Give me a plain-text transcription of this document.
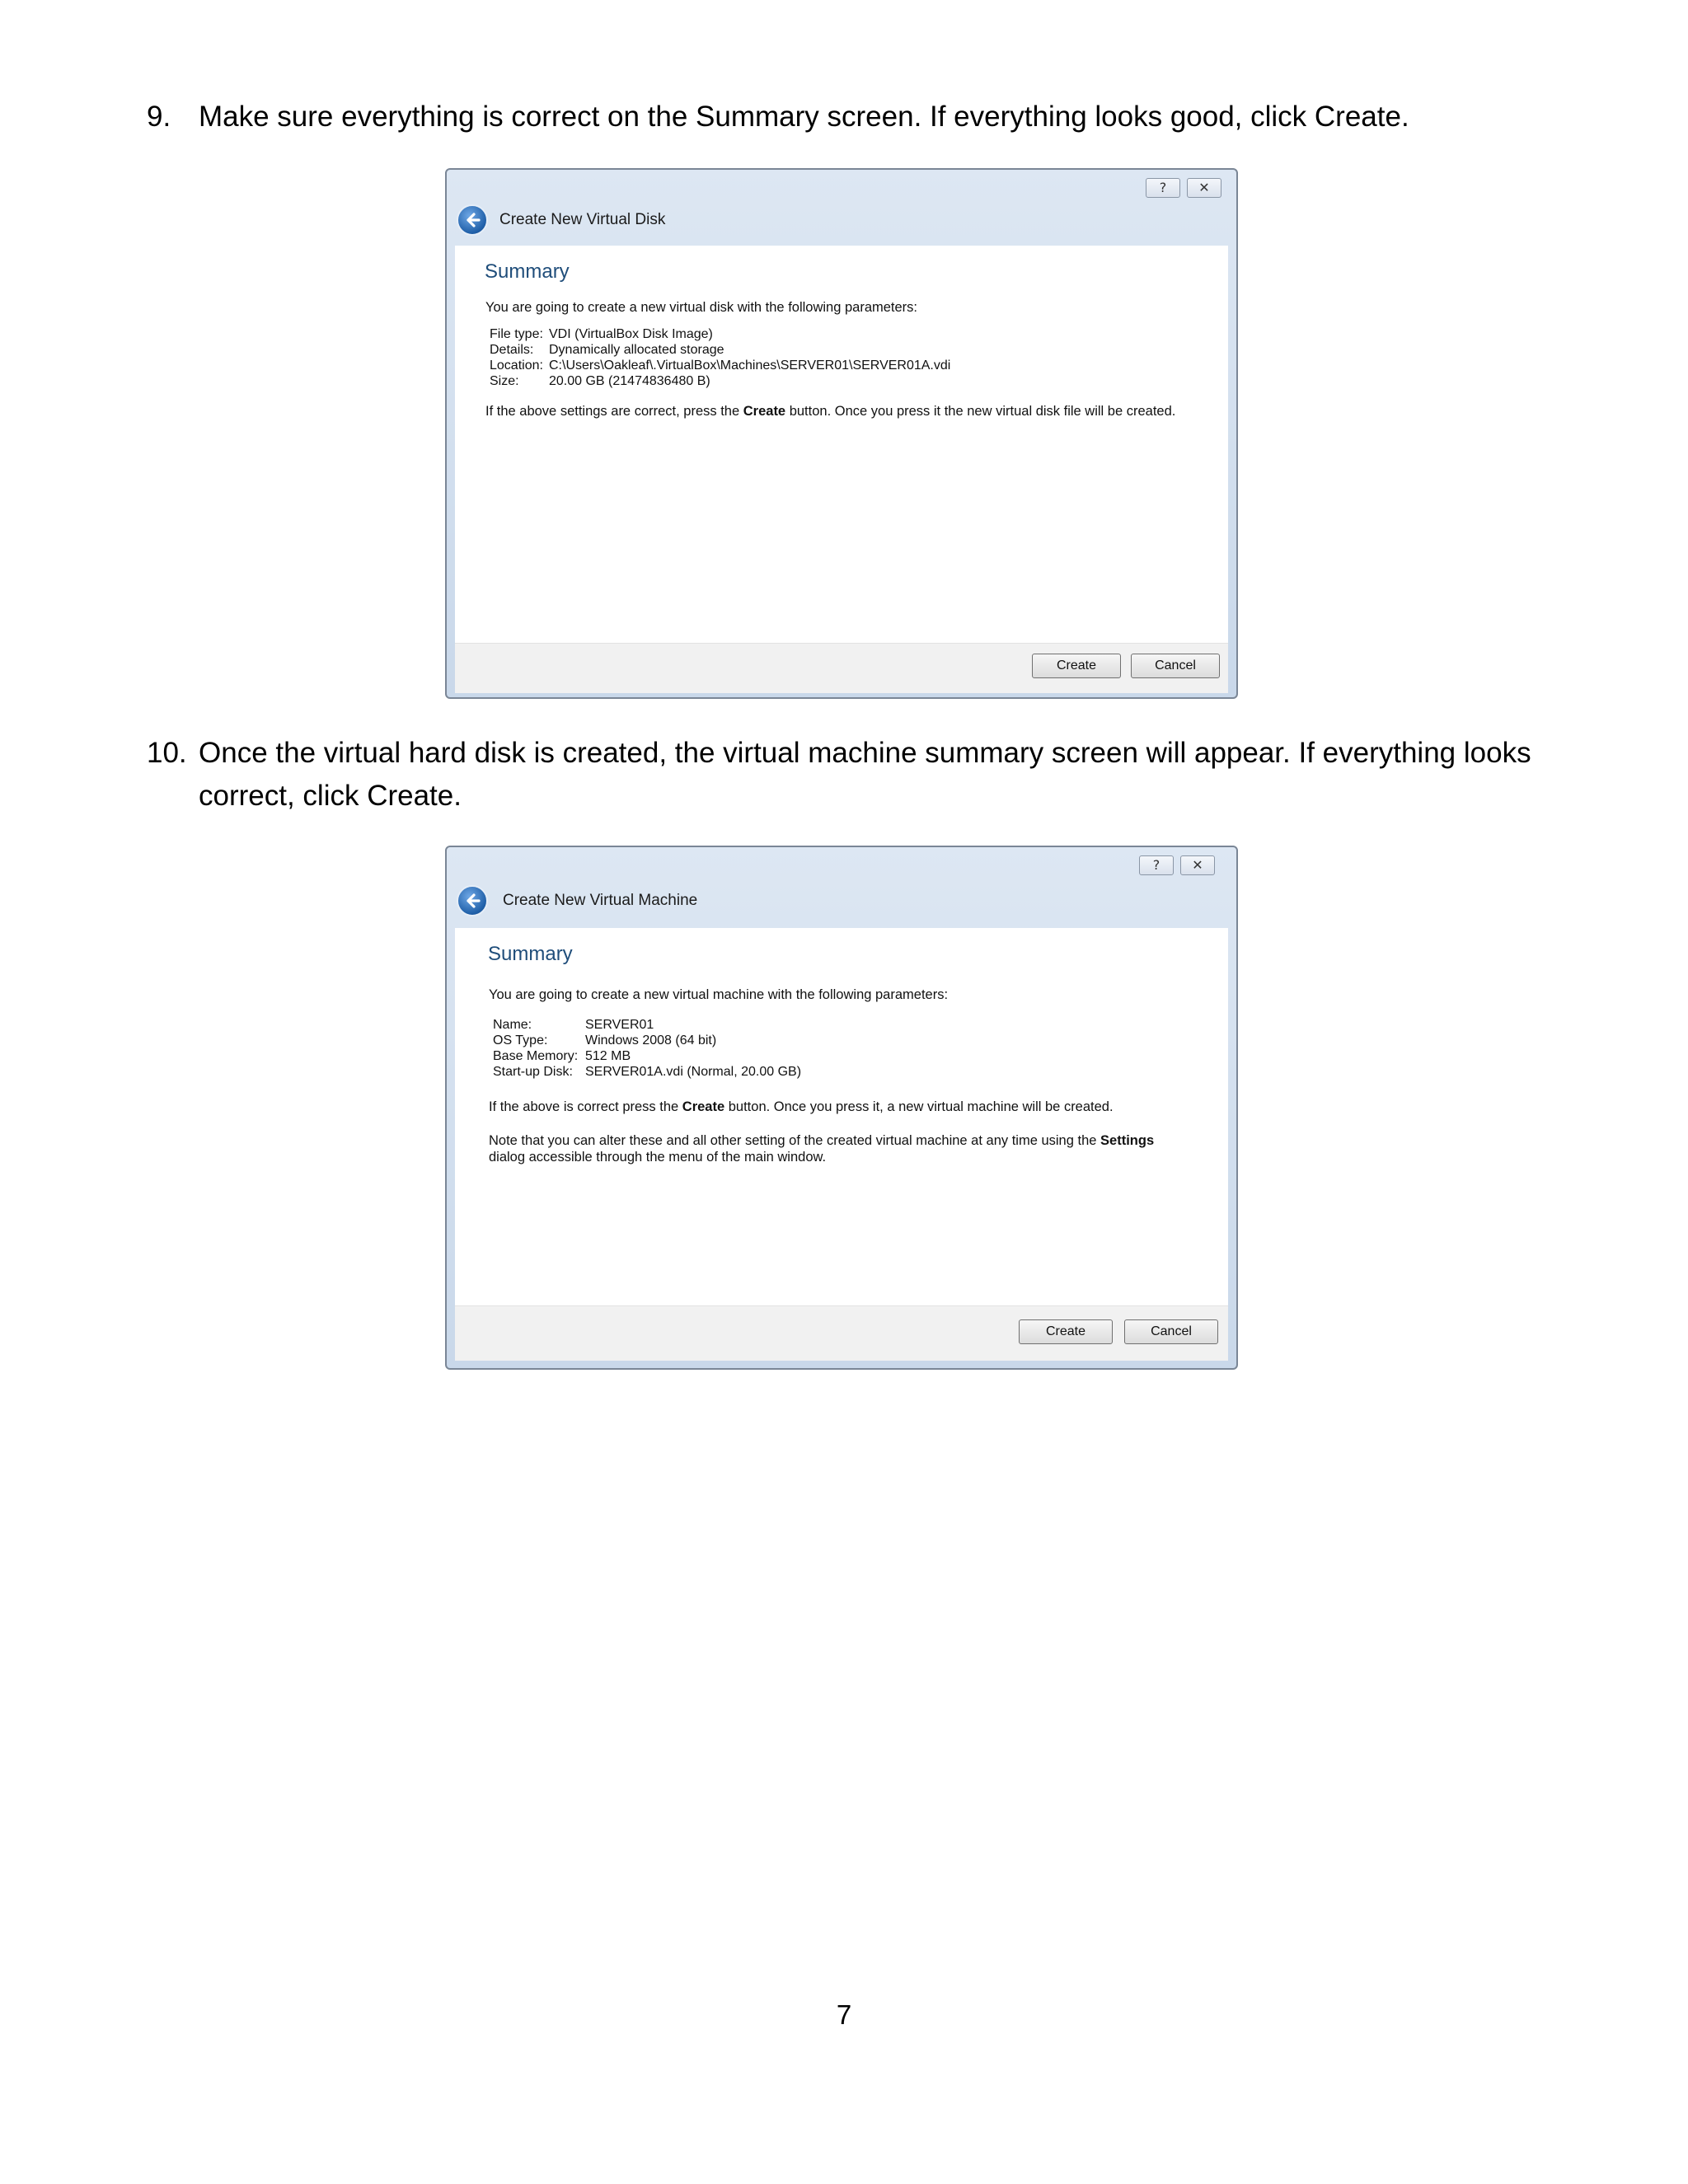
9. Make sure everything is correct on the Summary screen. If everything looks good, click Create.
?	✕
Create New Virtual Disk
Summary
You are going to create a new virtual disk with the following parameters:
File type: VDI (VirtualBox Disk Image)
Details:	Dynamically allocated storage
Location: C:\Users\Oakleaf\.VirtualBox\Machines\SERVER01\SERVER01A.vdi
Size:	20.00 GB (21474836480 B)
If the above settings are correct, press the Create button. Once you press it the new virtual disk file will be created.
Create	Cancel
10. Once the virtual hard disk is created, the virtual machine summary screen will appear. If everything looks correct, click Create.
?	✕
Create New Virtual Machine
Summary
You are going to create a new virtual machine with the following parameters:
Name:	SERVER01
OS Type:	Windows 2008 (64 bit)
Base Memory: 512 MB
Start-up Disk: SERVER01A.vdi (Normal, 20.00 GB)
If the above is correct press the Create button. Once you press it, a new virtual machine will be created.
Note that you can alter these and all other setting of the created virtual machine at any time using the Settings
dialog accessible through the menu of the main window.
Create	Cancel
7
